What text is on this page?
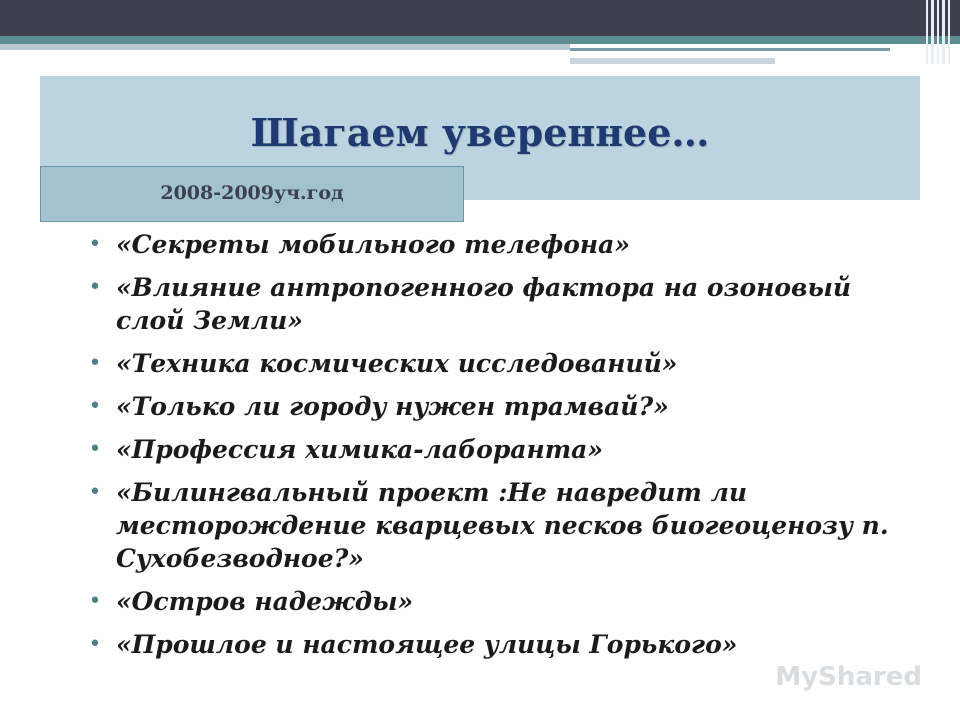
Шагаем увереннее…
2008-2009уч.год
• «Секреты мобильного телефона»
• «Влияние антропогенного фактора на озоновый слой Земли»
• «Техника космических исследований»
• «Только ли городу нужен трамвай?»
• «Профессия химика-лаборанта»
• «Билингвальный проект :Не навредит ли месторождение кварцевых песков биогеоценозу п. Сухобезводное?»
• «Остров надежды»
• «Прошлое и настоящее улицы Горького»
MyShared
